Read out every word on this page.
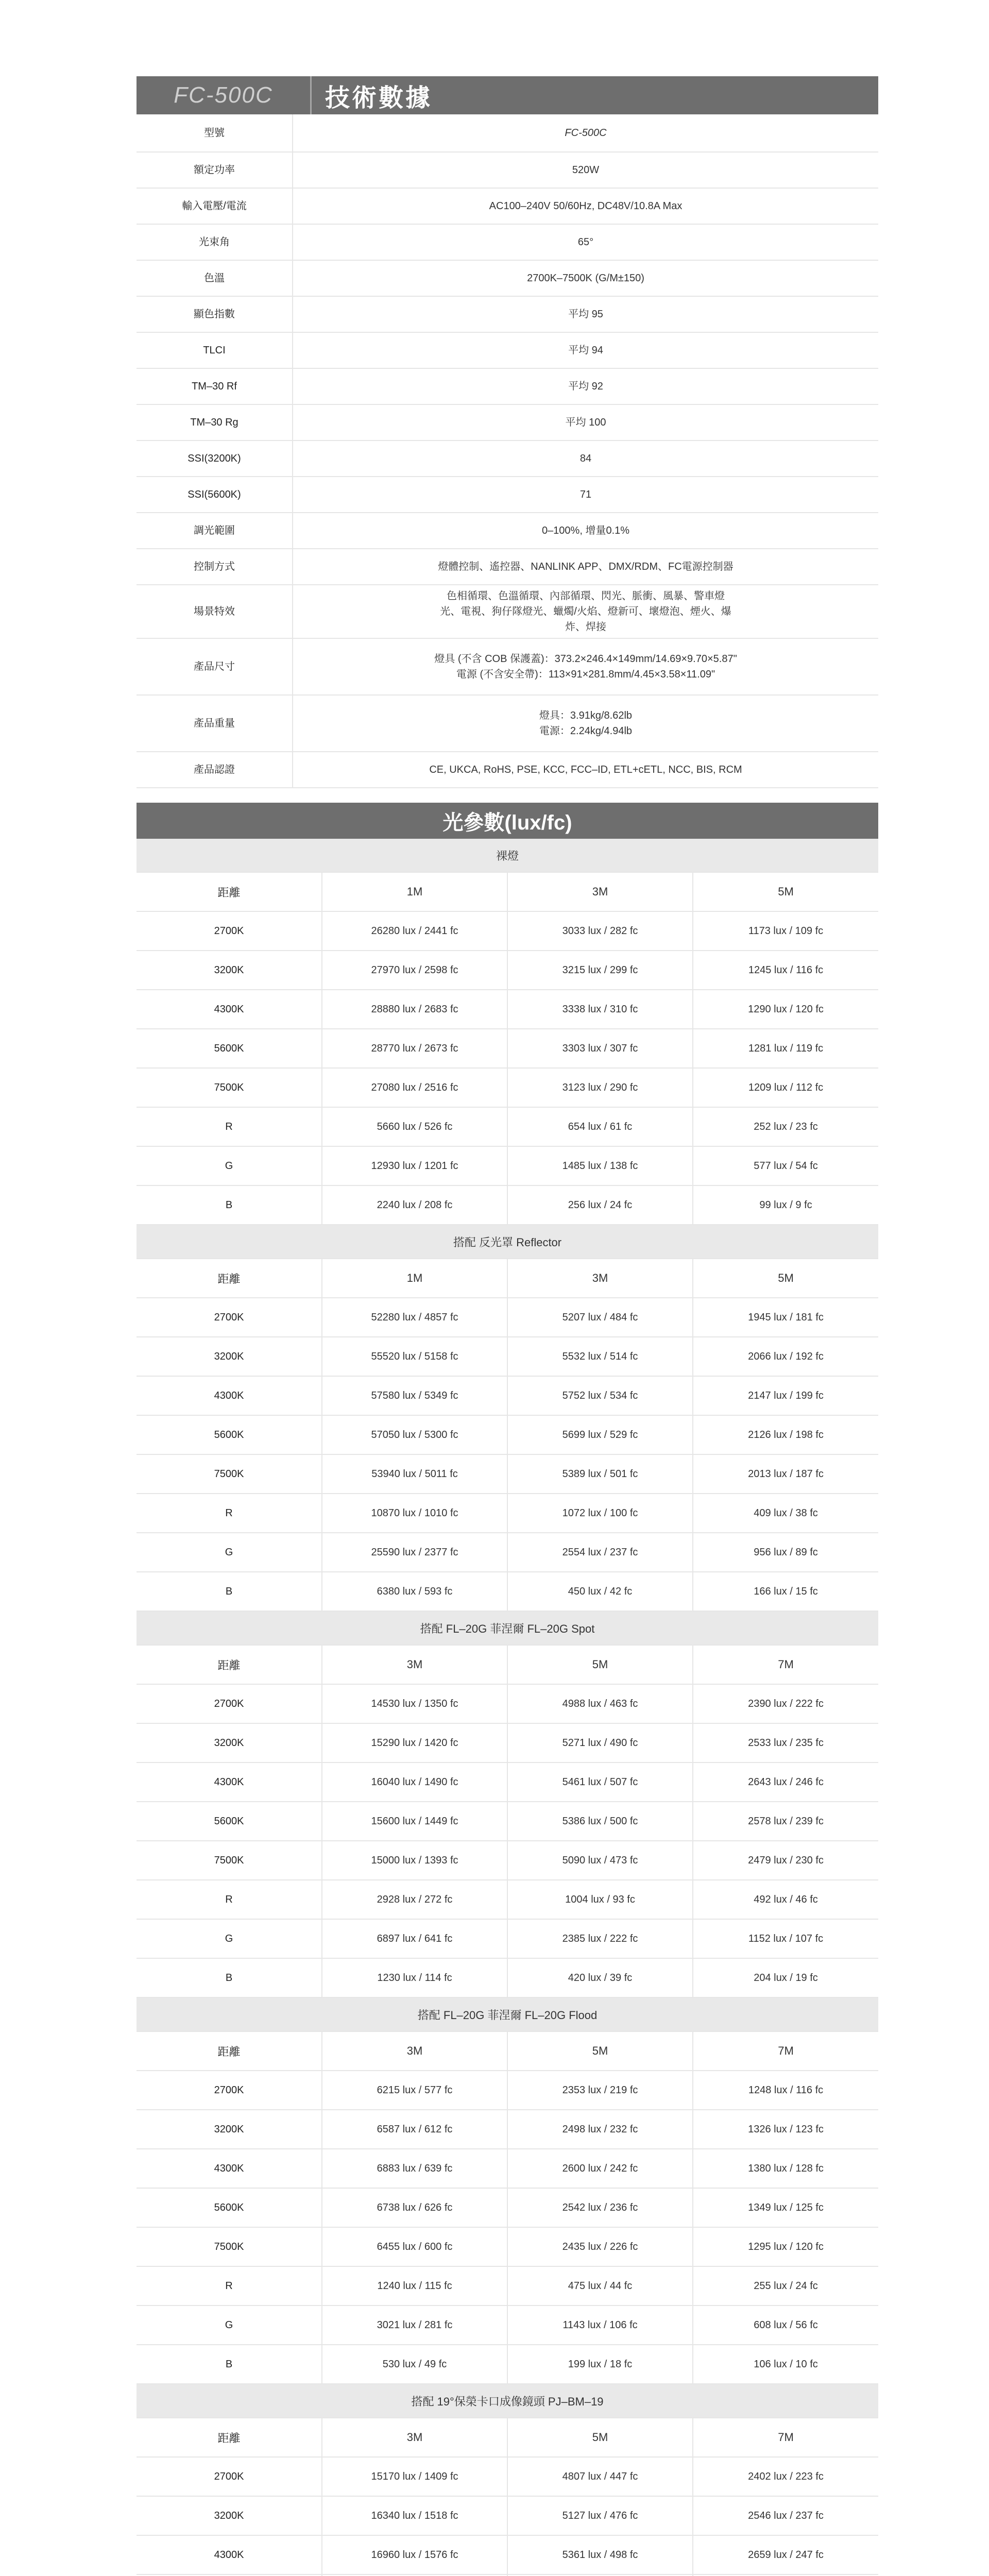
FC-500C	技術數據
型號	FC-500C

額定功率	520W

輸入電壓/電流	AC100–240V 50/60Hz, DC48V/10.8A Max

光束角	65°

色溫	2700K–7500K (G/M±150)

顯色指數	平均 95

TLCI	平均 94

TM–30 Rf	平均 92

TM–30 Rg	平均 100

SSI(3200K)	84

SSI(5600K)	71

調光範圍	0–100%, 增量0.1%

控制方式	燈體控制、遙控器、NANLINK APP、DMX/RDM、FC電源控制器

場景特效	色相循環、色溫循環、內部循環、閃光、脈衝、風暴、警車燈光、電視、狗仔隊燈光、蠟燭/火焰、燈新可、壞燈泡、煙火、爆炸、焊接

產品尺寸	燈具 (不含 COB 保護蓋)：373.2×246.4×149mm/14.69×9.70×5.87"
電源 (不含安全帶)：113×91×281.8mm/4.45×3.58×11.09"

產品重量	燈具：3.91kg/8.62lb
電源：2.24kg/4.94lb

產品認證	CE, UKCA, RoHS, PSE, KCC, FCC–ID, ETL+cETL, NCC, BIS, RCM
光參數(lux/fc)
裸燈			
距離	1M	3M	5M
2700K	26280 lux / 2441 fc	3033 lux / 282 fc	1173 lux / 109 fc
3200K	27970 lux / 2598 fc	3215 lux / 299 fc	1245 lux / 116 fc
4300K	28880 lux / 2683 fc	3338 lux / 310 fc	1290 lux / 120 fc
5600K	28770 lux / 2673 fc	3303 lux / 307 fc	1281 lux / 119 fc
7500K	27080 lux / 2516 fc	3123 lux / 290 fc	1209 lux / 112 fc
R	5660 lux / 526 fc	654 lux / 61 fc	252 lux / 23 fc
G	12930 lux / 1201 fc	1485 lux / 138 fc	577 lux / 54 fc
B	2240 lux / 208 fc	256 lux / 24 fc	99 lux / 9 fc
搭配 反光罩 Reflector			
距離	1M	3M	5M
2700K	52280 lux / 4857 fc	5207 lux / 484 fc	1945 lux / 181 fc
3200K	55520 lux / 5158 fc	5532 lux / 514 fc	2066 lux / 192 fc
4300K	57580 lux / 5349 fc	5752 lux / 534 fc	2147 lux / 199 fc
5600K	57050 lux / 5300 fc	5699 lux / 529 fc	2126 lux / 198 fc
7500K	53940 lux / 5011 fc	5389 lux / 501 fc	2013 lux / 187 fc
R	10870 lux / 1010 fc	1072 lux / 100 fc	409 lux / 38 fc
G	25590 lux / 2377 fc	2554 lux / 237 fc	956 lux / 89 fc
B	6380 lux / 593 fc	450 lux / 42 fc	166 lux / 15 fc
搭配 FL–20G 菲涅爾 FL–20G Spot			
距離	3M	5M	7M
2700K	14530 lux / 1350 fc	4988 lux / 463 fc	2390 lux / 222 fc
3200K	15290 lux / 1420 fc	5271 lux / 490 fc	2533 lux / 235 fc
4300K	16040 lux / 1490 fc	5461 lux / 507 fc	2643 lux / 246 fc
5600K	15600 lux / 1449 fc	5386 lux / 500 fc	2578 lux / 239 fc
7500K	15000 lux / 1393 fc	5090 lux / 473 fc	2479 lux / 230 fc
R	2928 lux / 272 fc	1004 lux / 93 fc	492 lux / 46 fc
G	6897 lux / 641 fc	2385 lux / 222 fc	1152 lux / 107 fc
B	1230 lux / 114 fc	420 lux / 39 fc	204 lux / 19 fc
搭配 FL–20G 菲涅爾 FL–20G Flood			
距離	3M	5M	7M
2700K	6215 lux / 577 fc	2353 lux / 219 fc	1248 lux / 116 fc
3200K	6587 lux / 612 fc	2498 lux / 232 fc	1326 lux / 123 fc
4300K	6883 lux / 639 fc	2600 lux / 242 fc	1380 lux / 128 fc
5600K	6738 lux / 626 fc	2542 lux / 236 fc	1349 lux / 125 fc
7500K	6455 lux / 600 fc	2435 lux / 226 fc	1295 lux / 120 fc
R	1240 lux / 115 fc	475 lux / 44 fc	255 lux / 24 fc
G	3021 lux / 281 fc	1143 lux / 106 fc	608 lux / 56 fc
B	530 lux / 49 fc	199 lux / 18 fc	106 lux / 10 fc
搭配 19°保榮卡口成像鏡頭 PJ–BM–19			
距離	3M	5M	7M
2700K	15170 lux / 1409 fc	4807 lux / 447 fc	2402 lux / 223 fc
3200K	16340 lux / 1518 fc	5127 lux / 476 fc	2546 lux / 237 fc
4300K	16960 lux / 1576 fc	5361 lux / 498 fc	2659 lux / 247 fc
